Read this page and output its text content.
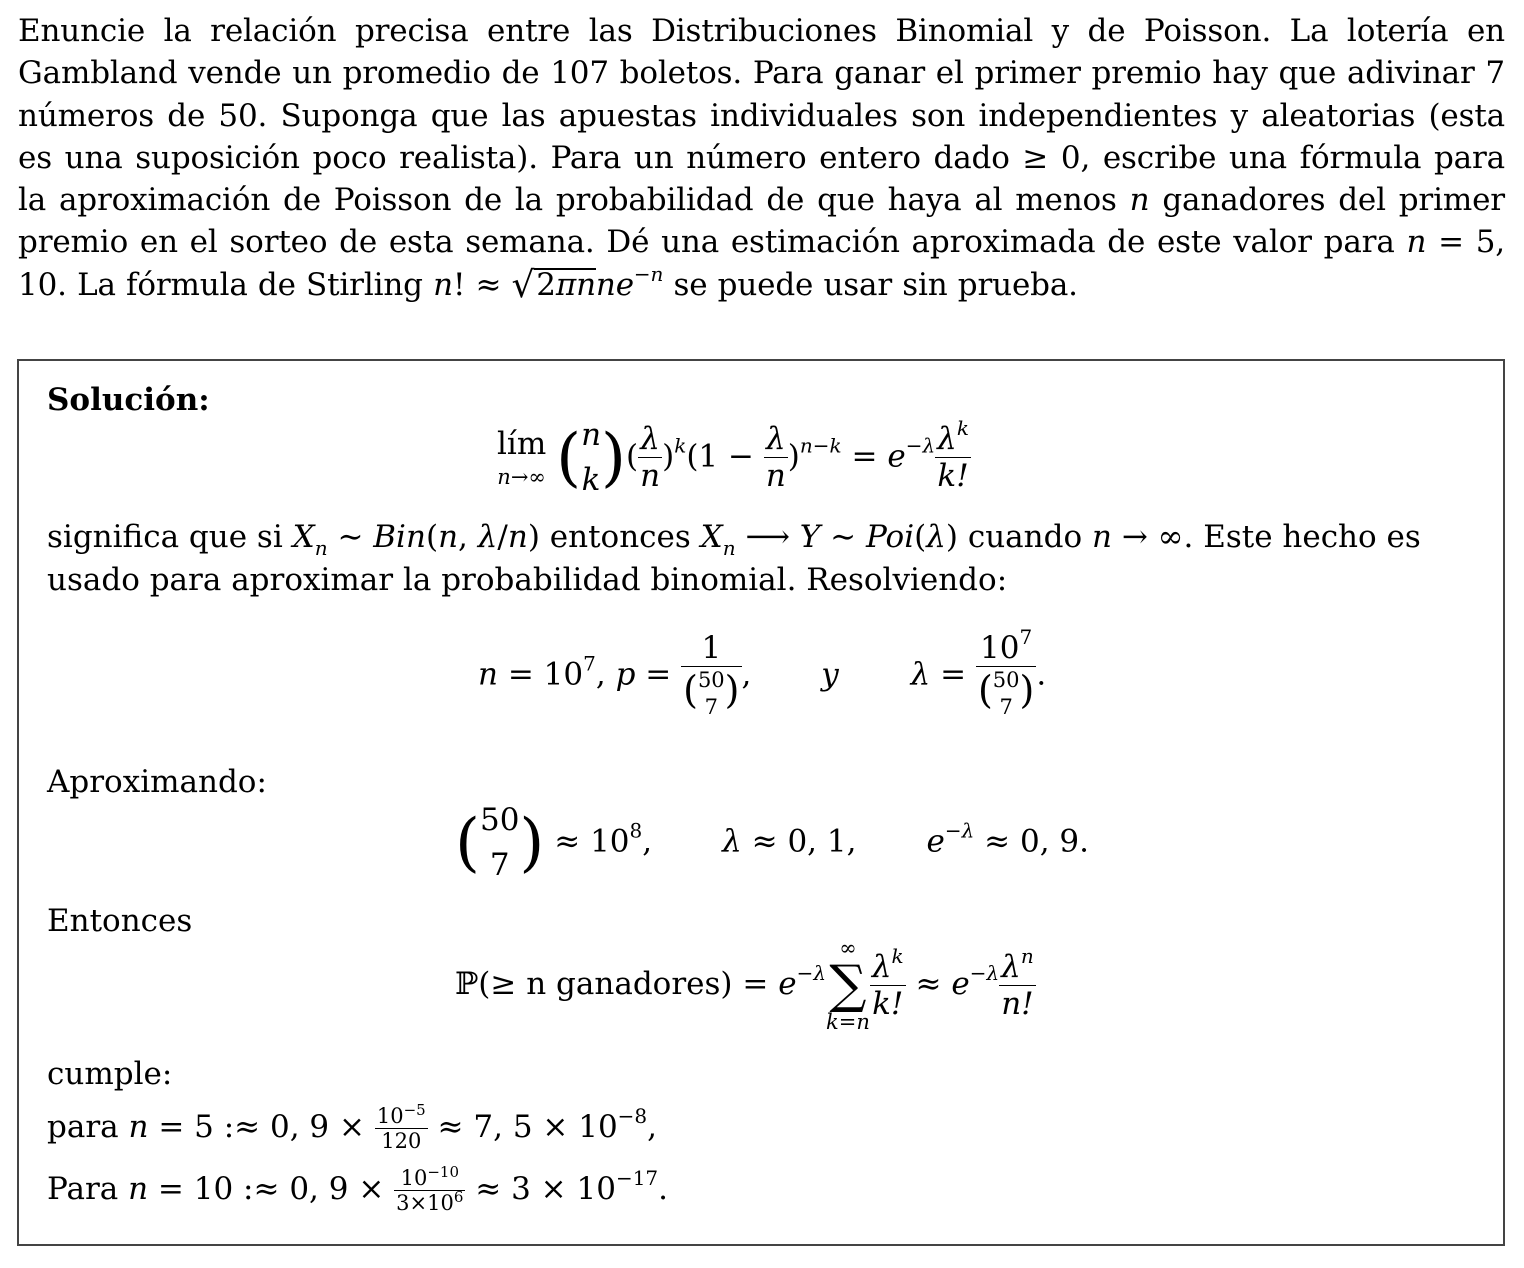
Enuncie la relación precisa entre las Distribuciones Binomial y de Poisson. La lotería en Gambland vende un promedio de 107 boletos. Para ganar el primer premio hay que adivinar 7 números de 50. Suponga que las apuestas individuales son independientes y aleatorias (esta es una suposición poco realista). Para un número entero dado ≥ 0, escribe una fórmula para la aproximación de Poisson de la probabilidad de que haya al menos n ganadores del primer premio en el sorteo de esta semana. Dé una estimación aproximada de este valor para n = 5, 10. La fórmula de Stirling n! ≈ √2πnne$^{-n}$ se puede usar sin prueba.
Solución:
lím
n→∞ ( n
k )( $\frac{\lambda}{n} )^k(1 - \frac{\lambda}{n} )^{n-k} = e^{-\lambda} \frac{\lambda^k}{k!}$
significa que si $X_n$ ∼ Bin(n, λ/n) entonces $X_n$ ⟶ Y ∼ Poi(λ) cuando n → ∞. Este hecho es
usado para aproximar la probabilidad binomial. Resolviendo:
$n = 10^7$, p = 1
( 50
7 ) , y $\lambda = 10^7$
( 50
7 ) .
Aproximando:
( 50
7 ) ≈ $10^8$, λ ≈ 0, 1, $e^{-\lambda} \approx 0$, 9.
Entonces
ℙ(≥ n ganadores) = $e^{-\lambda}$
∞
∑
$k=n \frac{\lambda^k}{k!} \approx e^{-\lambda} \frac{\lambda^n}{n!}$
cumple:
para n = 5 :≈ 0, $9 \times \frac{10^{-5}}{120} \approx 7$, $5 \times 10^{-8}$,
Para n = 10 :≈ 0, $9 \times \frac{10^{-10}}{3\times 10^6} \approx 3 \times 10^{-17}$.
